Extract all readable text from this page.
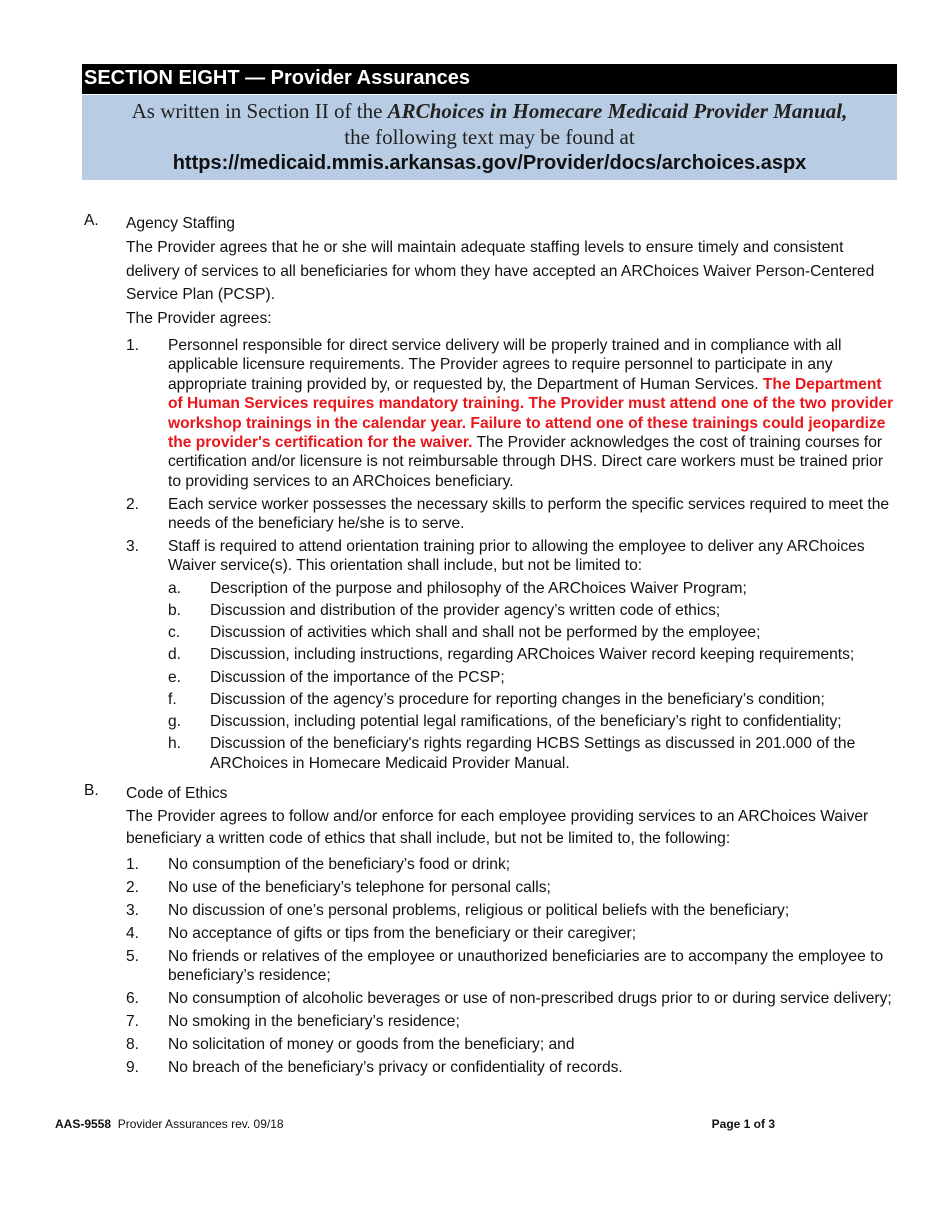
SECTION EIGHT — Provider Assurances
As written in Section II of the ARChoices in Homecare Medicaid Provider Manual,
the following text may be found at
https://medicaid.mmis.arkansas.gov/Provider/docs/archoices.aspx
A. Agency Staffing
The Provider agrees that he or she will maintain adequate staffing levels to ensure timely and consistent delivery of services to all beneficiaries for whom they have accepted an ARChoices Waiver Person-Centered Service Plan (PCSP).
The Provider agrees:
1. Personnel responsible for direct service delivery will be properly trained and in compliance with all applicable licensure requirements. The Provider agrees to require personnel to participate in any appropriate training provided by, or requested by, the Department of Human Services. The Department of Human Services requires mandatory training. The Provider must attend one of the two provider workshop trainings in the calendar year. Failure to attend one of these trainings could jeopardize the provider's certification for the waiver. The Provider acknowledges the cost of training courses for certification and/or licensure is not reimbursable through DHS. Direct care workers must be trained prior to providing services to an ARChoices beneficiary.
2. Each service worker possesses the necessary skills to perform the specific services required to meet the needs of the beneficiary he/she is to serve.
3. Staff is required to attend orientation training prior to allowing the employee to deliver any ARChoices Waiver service(s). This orientation shall include, but not be limited to:
a. Description of the purpose and philosophy of the ARChoices Waiver Program;
b. Discussion and distribution of the provider agency’s written code of ethics;
c. Discussion of activities which shall and shall not be performed by the employee;
d. Discussion, including instructions, regarding ARChoices Waiver record keeping requirements;
e. Discussion of the importance of the PCSP;
f. Discussion of the agency’s procedure for reporting changes in the beneficiary’s condition;
g. Discussion, including potential legal ramifications, of the beneficiary’s right to confidentiality;
h. Discussion of the beneficiary's rights regarding HCBS Settings as discussed in 201.000 of the ARChoices in Homecare Medicaid Provider Manual.
B. Code of Ethics
The Provider agrees to follow and/or enforce for each employee providing services to an ARChoices Waiver beneficiary a written code of ethics that shall include, but not be limited to, the following:
1. No consumption of the beneficiary’s food or drink;
2. No use of the beneficiary’s telephone for personal calls;
3. No discussion of one’s personal problems, religious or political beliefs with the beneficiary;
4. No acceptance of gifts or tips from the beneficiary or their caregiver;
5. No friends or relatives of the employee or unauthorized beneficiaries are to accompany the employee to beneficiary’s residence;
6. No consumption of alcoholic beverages or use of non-prescribed drugs prior to or during service delivery;
7. No smoking in the beneficiary’s residence;
8. No solicitation of money or goods from the beneficiary; and
9. No breach of the beneficiary’s privacy or confidentiality of records.
AAS-9558 Provider Assurances rev. 09/18	Page 1 of 3
